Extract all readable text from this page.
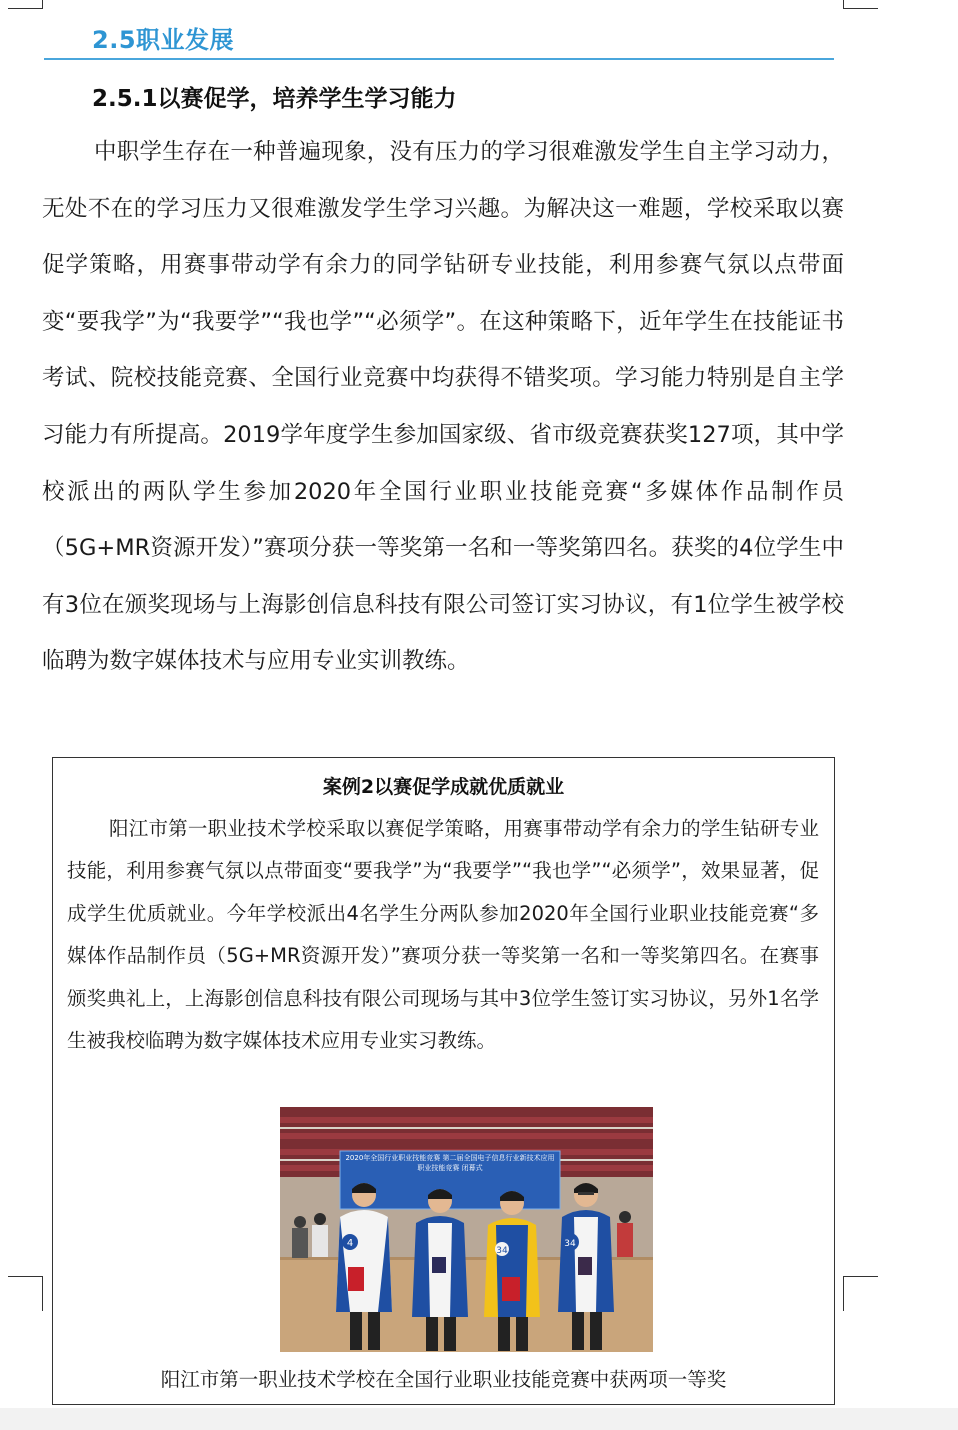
2.5职业发展
2.5.1以赛促学，培养学生学习能力

中职学生存在一种普遍现象，没有压力的学习很难激发学生自主学习动力，无处不在的学习压力又很难激发学生学习兴趣。为解决这一难题，学校采取以赛促学策略，用赛事带动学有余力的同学钻研专业技能，利用参赛气氛以点带面变“要我学”为“我要学”“我也学”“必须学”。在这种策略下，近年学生在技能证书考试、院校技能竞赛、全国行业竞赛中均获得不错奖项。学习能力特别是自主学习能力有所提高。2019学年度学生参加国家级、省市级竞赛获奖127项，其中学校派出的两队学生参加2020年全国行业职业技能竞赛“多媒体作品制作员（5G+MR资源开发）”赛项分获一等奖第一名和一等奖第四名。获奖的4位学生中有3位在颁奖现场与上海影创信息科技有限公司签订实习协议，有1位学生被学校临聘为数字媒体技术与应用专业实训教练。

案例2以赛促学成就优质就业

阳江市第一职业技术学校采取以赛促学策略，用赛事带动学有余力的学生钻研专业技能，利用参赛气氛以点带面变“要我学”为“我要学”“我也学”“必须学”，效果显著，促成学生优质就业。今年学校派出4名学生分两队参加2020年全国行业职业技能竞赛“多媒体作品制作员（5G+MR资源开发）”赛项分获一等奖第一名和一等奖第四名。在赛事颁奖典礼上，上海影创信息科技有限公司现场与其中3位学生签订实习协议，另外1名学生被我校临聘为数字媒体技术应用专业实习教练。

2020年全国行业职业技能竞赛 第二届全国电子信息行业新技术应用职业技能竞赛 闭幕式
4
34
34
阳江市第一职业技术学校在全国行业职业技能竞赛中获两项一等奖
